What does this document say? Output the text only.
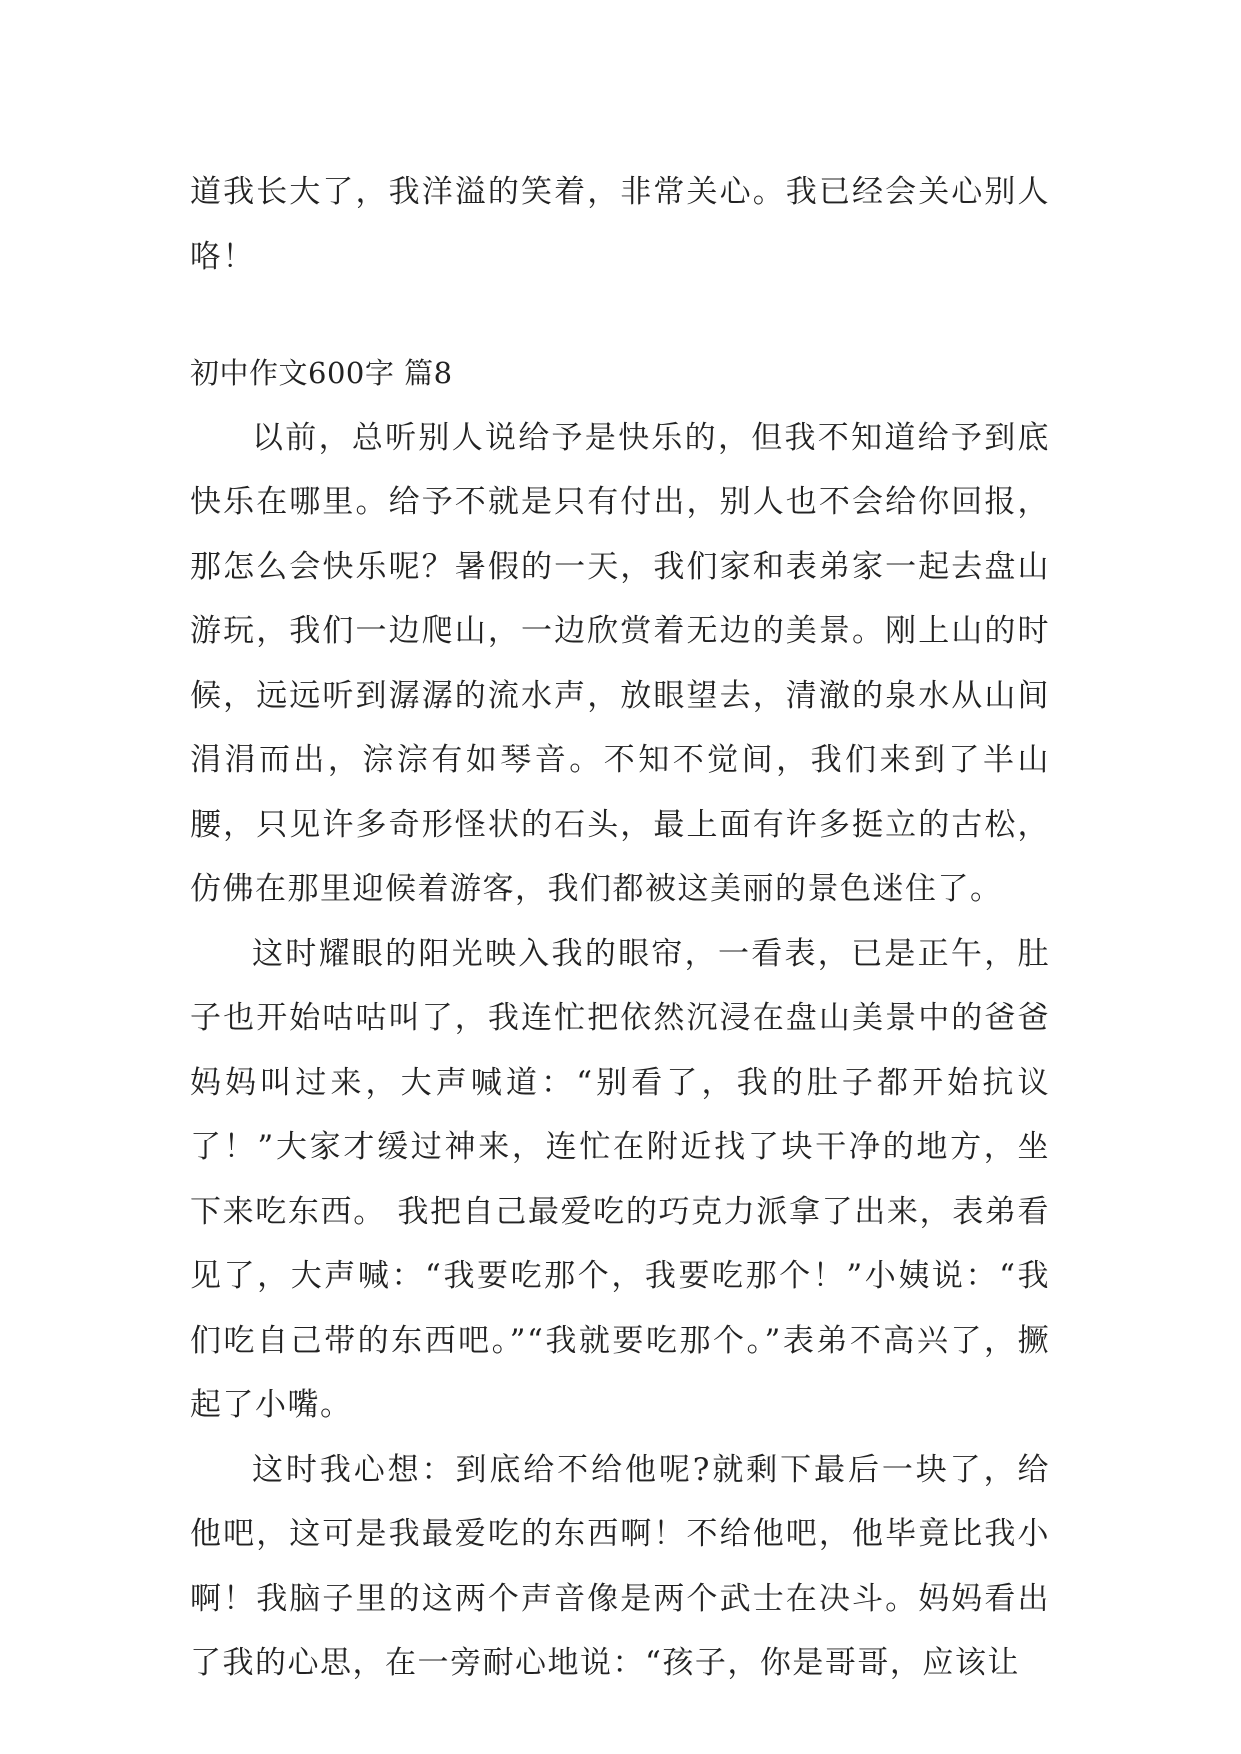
道我长大了，我洋溢的笑着，非常关心。我已经会关心别人咯！

初中作文600字 篇8

以前，总听别人说给予是快乐的，但我不知道给予到底快乐在哪里。给予不就是只有付出，别人也不会给你回报，那怎么会快乐呢？暑假的一天，我们家和表弟家一起去盘山游玩，我们一边爬山，一边欣赏着无边的美景。刚上山的时候，远远听到潺潺的流水声，放眼望去，清澈的泉水从山间涓涓而出，淙淙有如琴音。不知不觉间，我们来到了半山腰，只见许多奇形怪状的石头，最上面有许多挺立的古松，仿佛在那里迎候着游客，我们都被这美丽的景色迷住了。

这时耀眼的阳光映入我的眼帘，一看表，已是正午，肚子也开始咕咕叫了，我连忙把依然沉浸在盘山美景中的爸爸妈妈叫过来，大声喊道：“别看了，我的肚子都开始抗议了！”大家才缓过神来，连忙在附近找了块干净的地方，坐下来吃东西。 我把自己最爱吃的巧克力派拿了出来，表弟看见了，大声喊：“我要吃那个，我要吃那个！”小姨说：“我们吃自己带的东西吧。”“我就要吃那个。”表弟不高兴了，撅起了小嘴。

这时我心想：到底给不给他呢?就剩下最后一块了，给他吧，这可是我最爱吃的东西啊！不给他吧，他毕竟比我小啊！我脑子里的这两个声音像是两个武士在决斗。妈妈看出了我的心思，在一旁耐心地说：“孩子，你是哥哥，应该让
